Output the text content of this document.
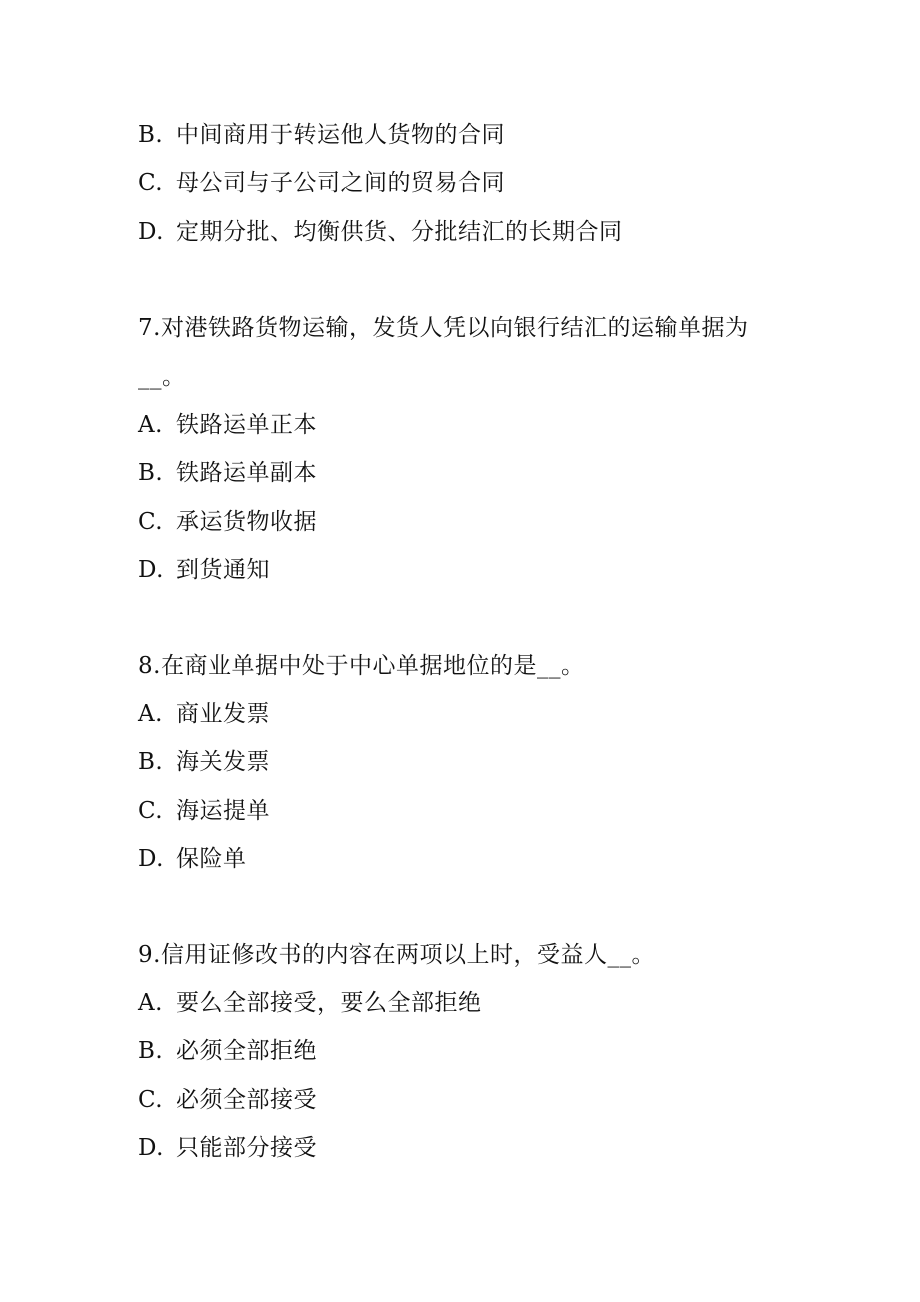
B. 中间商用于转运他人货物的合同
C. 母公司与子公司之间的贸易合同
D. 定期分批、均衡供货、分批结汇的长期合同
7.对港铁路货物运输，发货人凭以向银行结汇的运输单据为
__。
A. 铁路运单正本
B. 铁路运单副本
C. 承运货物收据
D. 到货通知
8.在商业单据中处于中心单据地位的是__。
A. 商业发票
B. 海关发票
C. 海运提单
D. 保险单
9.信用证修改书的内容在两项以上时，受益人__。
A. 要么全部接受，要么全部拒绝
B. 必须全部拒绝
C. 必须全部接受
D. 只能部分接受
